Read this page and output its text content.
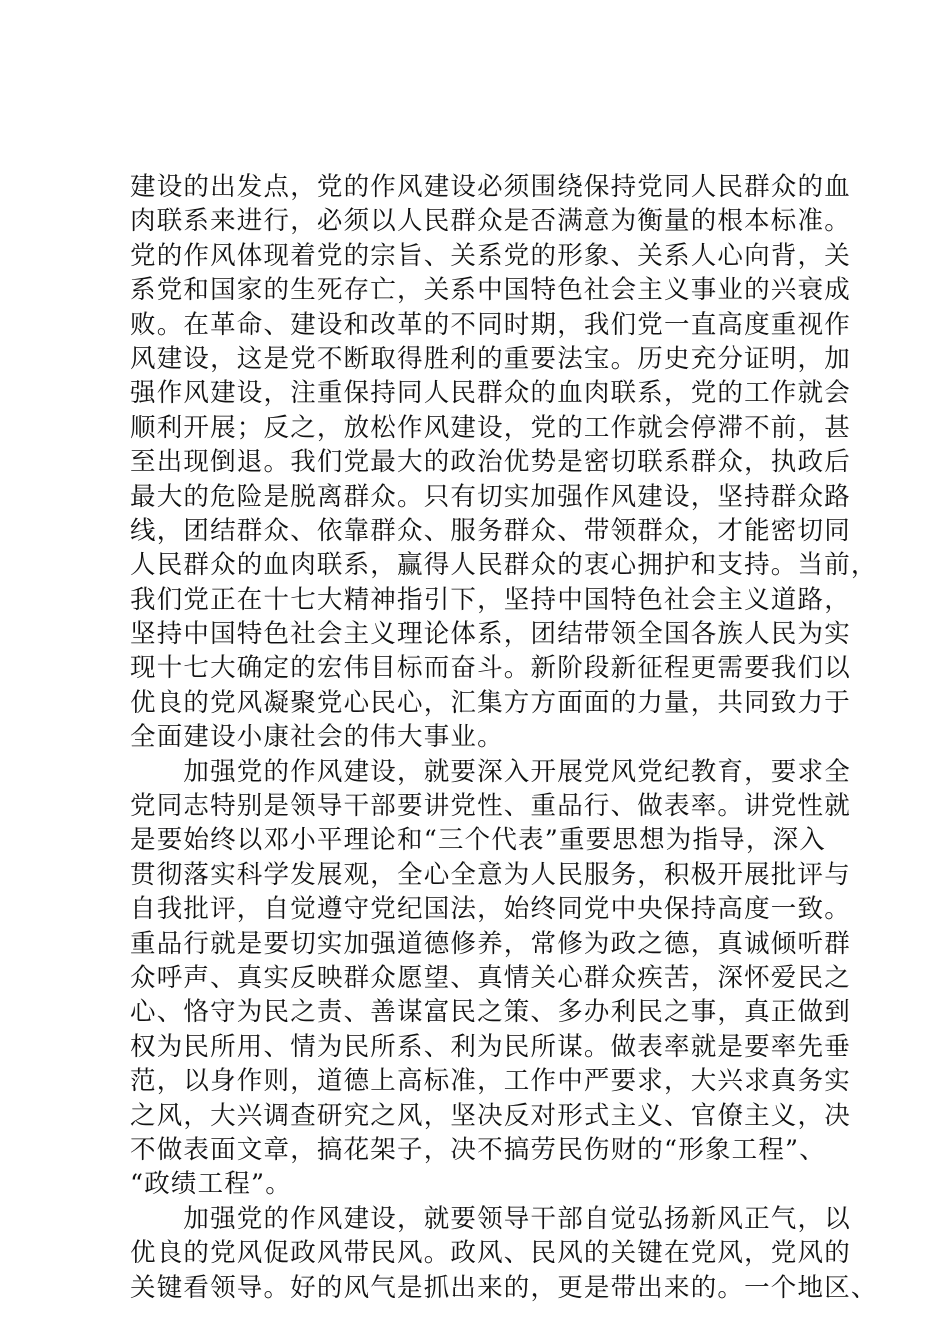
建设的出发点，党的作风建设必须围绕保持党同人民群众的血
肉联系来进行，必须以人民群众是否满意为衡量的根本标准。
党的作风体现着党的宗旨、关系党的形象、关系人心向背，关
系党和国家的生死存亡，关系中国特色社会主义事业的兴衰成
败。在革命、建设和改革的不同时期，我们党一直高度重视作
风建设，这是党不断取得胜利的重要法宝。历史充分证明，加
强作风建设，注重保持同人民群众的血肉联系，党的工作就会
顺利开展；反之，放松作风建设，党的工作就会停滞不前，甚
至出现倒退。我们党最大的政治优势是密切联系群众，执政后
最大的危险是脱离群众。只有切实加强作风建设，坚持群众路
线，团结群众、依靠群众、服务群众、带领群众，才能密切同
人民群众的血肉联系，赢得人民群众的衷心拥护和支持。当前，
我们党正在十七大精神指引下，坚持中国特色社会主义道路，
坚持中国特色社会主义理论体系，团结带领全国各族人民为实
现十七大确定的宏伟目标而奋斗。新阶段新征程更需要我们以
优良的党风凝聚党心民心，汇集方方面面的力量，共同致力于
全面建设小康社会的伟大事业。
　　加强党的作风建设，就要深入开展党风党纪教育，要求全
党同志特别是领导干部要讲党性、重品行、做表率。讲党性就
是要始终以邓小平理论和“三个代表”重要思想为指导，深入
贯彻落实科学发展观，全心全意为人民服务，积极开展批评与
自我批评，自觉遵守党纪国法，始终同党中央保持高度一致。
重品行就是要切实加强道德修养，常修为政之德，真诚倾听群
众呼声、真实反映群众愿望、真情关心群众疾苦，深怀爱民之
心、恪守为民之责、善谋富民之策、多办利民之事，真正做到
权为民所用、情为民所系、利为民所谋。做表率就是要率先垂
范，以身作则，道德上高标准，工作中严要求，大兴求真务实
之风，大兴调查研究之风，坚决反对形式主义、官僚主义，决
不做表面文章，搞花架子，决不搞劳民伤财的“形象工程”、
“政绩工程”。
　　加强党的作风建设，就要领导干部自觉弘扬新风正气，以
优良的党风促政风带民风。政风、民风的关键在党风，党风的
关键看领导。好的风气是抓出来的，更是带出来的。一个地区、
